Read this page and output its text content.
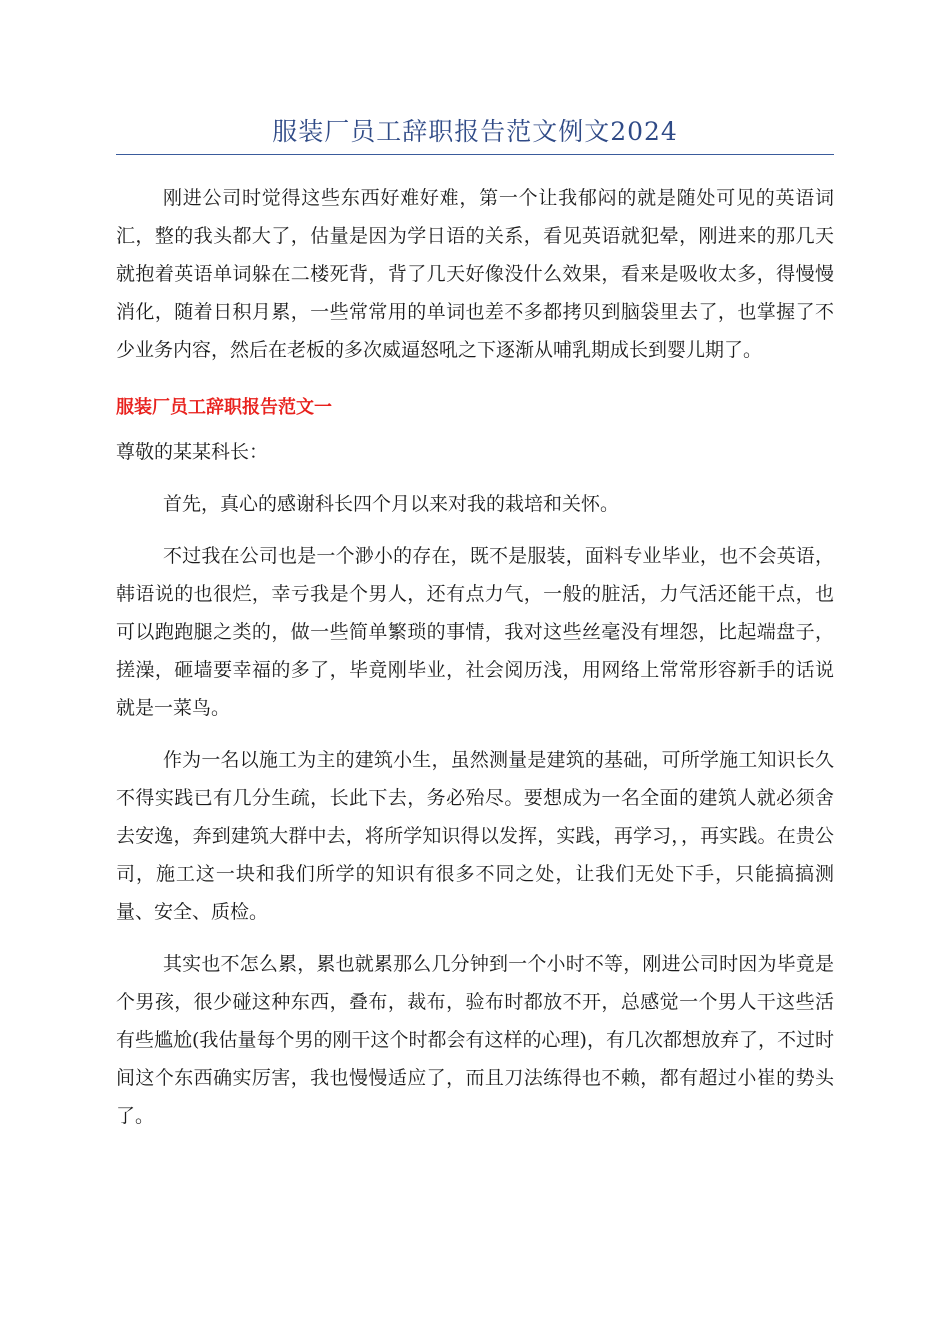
服装厂员工辞职报告范文例文2024

刚进公司时觉得这些东西好难好难，第一个让我郁闷的就是随处可见的英语词汇，整的我头都大了，估量是因为学日语的关系，看见英语就犯晕，刚进来的那几天就抱着英语单词躲在二楼死背，背了几天好像没什么效果，看来是吸收太多，得慢慢消化，随着日积月累，一些常常用的单词也差不多都拷贝到脑袋里去了，也掌握了不少业务内容，然后在老板的多次威逼怒吼之下逐渐从哺乳期成长到婴儿期了。

服装厂员工辞职报告范文一

尊敬的某某科长：

首先，真心的感谢科长四个月以来对我的栽培和关怀。

不过我在公司也是一个渺小的存在，既不是服装，面料专业毕业，也不会英语，韩语说的也很烂，幸亏我是个男人，还有点力气，一般的脏活，力气活还能干点，也可以跑跑腿之类的，做一些简单繁琐的事情，我对这些丝毫没有埋怨，比起端盘子，搓澡，砸墙要幸福的多了，毕竟刚毕业，社会阅历浅，用网络上常常形容新手的话说就是一菜鸟。

作为一名以施工为主的建筑小生，虽然测量是建筑的基础，可所学施工知识长久不得实践已有几分生疏，长此下去，务必殆尽。要想成为一名全面的建筑人就必须舍去安逸，奔到建筑大群中去，将所学知识得以发挥，实践，再学习，，再实践。在贵公司，施工这一块和我们所学的知识有很多不同之处，让我们无处下手，只能搞搞测量、安全、质检。

其实也不怎么累，累也就累那么几分钟到一个小时不等，刚进公司时因为毕竟是个男孩，很少碰这种东西，叠布，裁布，验布时都放不开，总感觉一个男人干这些活有些尴尬(我估量每个男的刚干这个时都会有这样的心理)，有几次都想放弃了，不过时间这个东西确实厉害，我也慢慢适应了，而且刀法练得也不赖，都有超过小崔的势头了。
